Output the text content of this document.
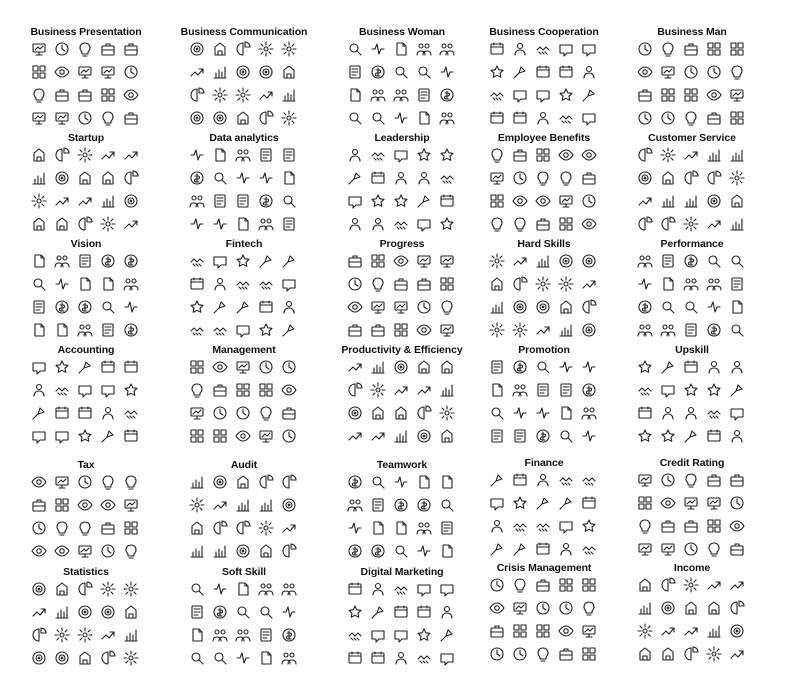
Business Presentation	Business Communication	Business Woman	Business Cooperation	Business Man
Startup	Data analytics	Leadership	Employee Benefits	Customer Service
Vision	Fintech	Progress	Hard Skills	Performance
Accounting	Management	Productivity & Efficiency	Promotion	Upskill
Tax	Audit	Teamwork	Finance	Credit Rating
Statistics	Soft Skill	Digital Marketing	Crisis Management	Income
